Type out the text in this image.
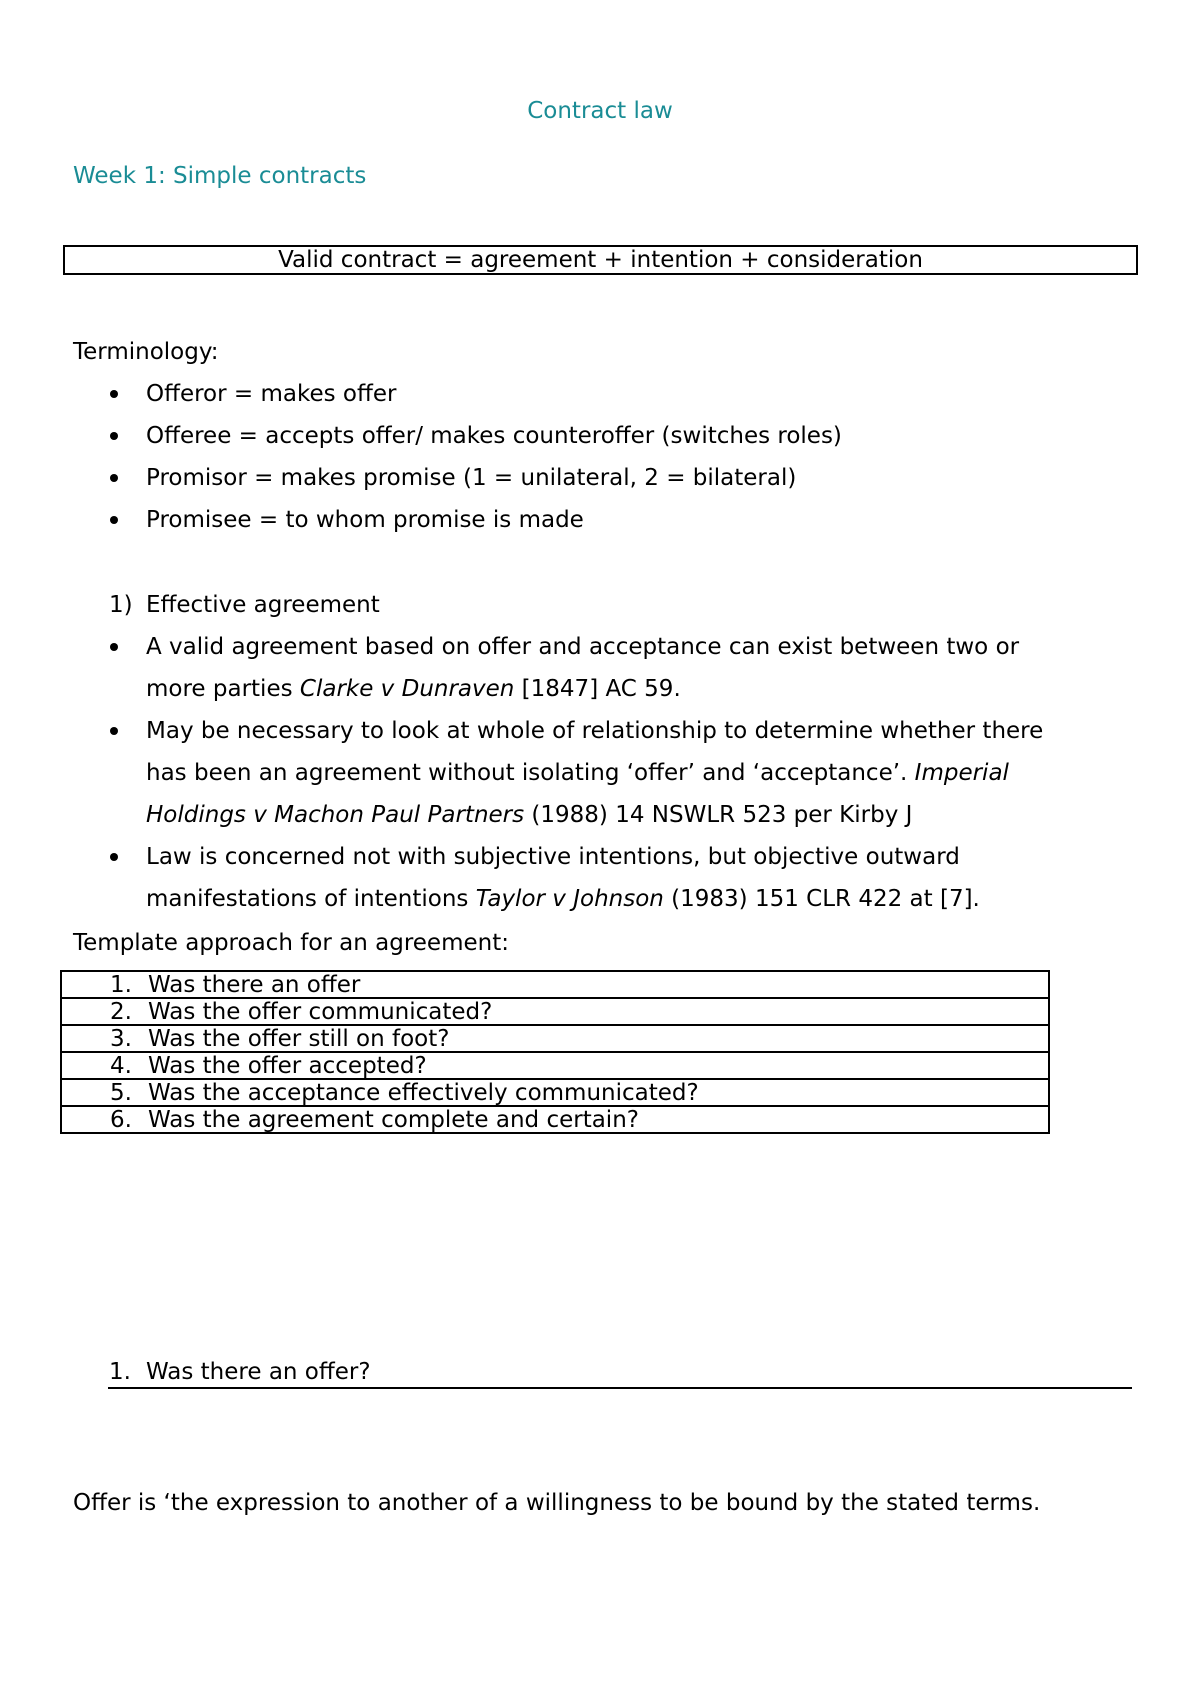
Contract law
Week 1: Simple contracts
Valid contract = agreement + intention + consideration
Terminology:
Offeror = makes offer
Offeree = accepts offer/ makes counteroffer (switches roles)
Promisor = makes promise (1 = unilateral, 2 = bilateral)
Promisee = to whom promise is made
1) Effective agreement
A valid agreement based on offer and acceptance can exist between two or
more parties Clarke v Dunraven [1847] AC 59.
May be necessary to look at whole of relationship to determine whether there
has been an agreement without isolating ‘offer’ and ‘acceptance’. Imperial
Holdings v Machon Paul Partners (1988) 14 NSWLR 523 per Kirby J
Law is concerned not with subjective intentions, but objective outward
manifestations of intentions Taylor v Johnson (1983) 151 CLR 422 at [7].
Template approach for an agreement:
1. Was there an offer

2. Was the offer communicated?

3. Was the offer still on foot?

4. Was the offer accepted?

5. Was the acceptance effectively communicated?

6. Was the agreement complete and certain?
1. Was there an offer?
Offer is ‘the expression to another of a willingness to be bound by the stated terms.
